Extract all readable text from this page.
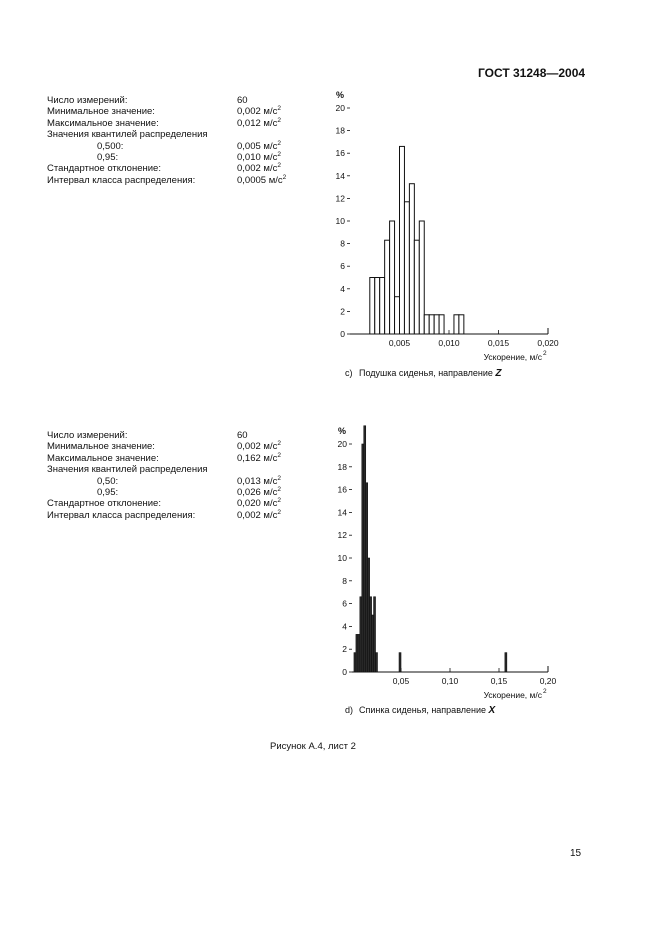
ГОСТ 31248—2004
Число измерений:	60
Минимальное значение:	0,002 $м/с^2$
Максимальное значение:	0,012 $м/с^2$
Значения квантилей распределения
0,500:	0,005 $м/с^2$
0,95:	0,010 $м/с^2$
Стандартное отклонение:	0,002 $м/с^2$
Интервал класса распределения:	0,0005 $м/с^2$
0
2
4
6
8
10
12
14
16
18
20
%
0,005	0,010	0,015	0,020
Ускорение, м/с 2
c) Подушка сиденья, направление Z
Число измерений:	60
Минимальное значение:	0,002 $м/с^2$
Максимальное значение:	0,162 $м/с^2$
Значения квантилей распределения
0,50:	0,013 $м/с^2$
0,95:	0,026 $м/с^2$
Стандартное отклонение:	0,020 $м/с^2$
Интервал класса распределения:	0,002 $м/с^2$
0
2
4
6
8
10
12
14
16
18
20
%
0,05	0,10	0,15	0,20
Ускорение, м/с 2
d) Спинка сиденья, направление X
Рисунок А.4, лист 2
15
